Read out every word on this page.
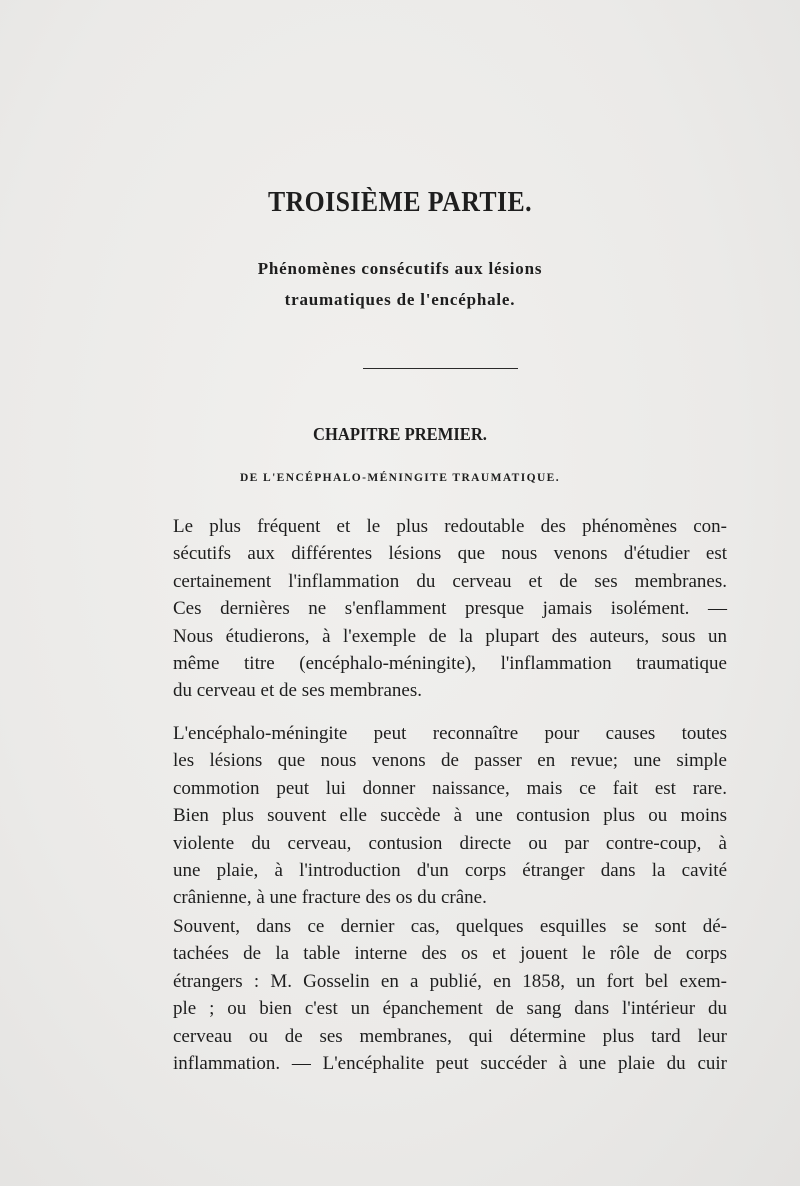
TROISIÈME PARTIE.

Phénomènes consécutifs aux lésions

traumatiques de l'encéphale.

CHAPITRE PREMIER.

DE L'ENCÉPHALO-MÉNINGITE TRAUMATIQUE.

Le plus fréquent et le plus redoutable des phénomènes con-
sécutifs aux différentes lésions que nous venons d'étudier est
certainement l'inflammation du cerveau et de ses membranes.
Ces dernières ne s'enflamment presque jamais isolément. —
Nous étudierons, à l'exemple de la plupart des auteurs, sous un
même titre (encéphalo-méningite), l'inflammation traumatique
du cerveau et de ses membranes.
L'encéphalo-méningite peut reconnaître pour causes toutes
les lésions que nous venons de passer en revue; une simple
commotion peut lui donner naissance, mais ce fait est rare.
Bien plus souvent elle succède à une contusion plus ou moins
violente du cerveau, contusion directe ou par contre-coup, à
une plaie, à l'introduction d'un corps étranger dans la cavité
crânienne, à une fracture des os du crâne.
Souvent, dans ce dernier cas, quelques esquilles se sont dé-
tachées de la table interne des os et jouent le rôle de corps
étrangers : M. Gosselin en a publié, en 1858, un fort bel exem-
ple ; ou bien c'est un épanchement de sang dans l'intérieur du
cerveau ou de ses membranes, qui détermine plus tard leur
inflammation. — L'encéphalite peut succéder à une plaie du cuir
